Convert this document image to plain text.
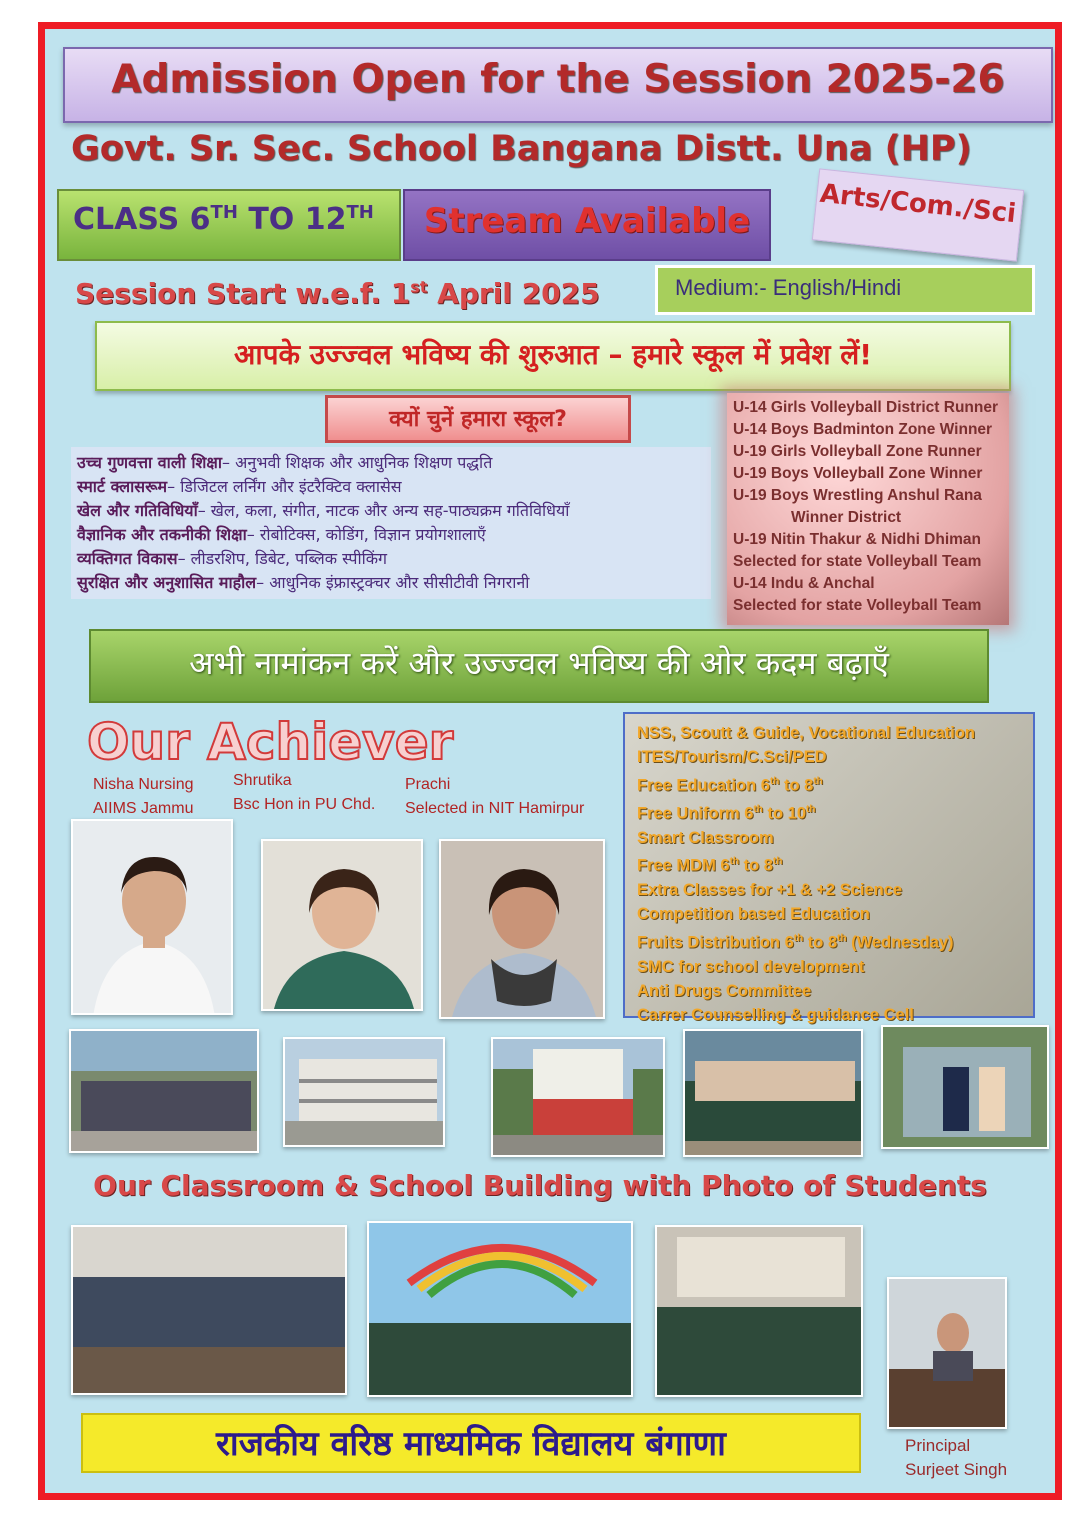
Admission Open for the Session 2025-26
Govt. Sr. Sec. School Bangana Distt. Una (HP)
CLASS 6TH TO 12TH	Stream Available	Arts/Com./Sci
Session Start w.e.f. 1st April 2025	Medium:- English/Hindi
आपके उज्ज्वल भविष्य की शुरुआत – हमारे स्कूल में प्रवेश लें!
क्यों चुनें हमारा स्कूल?
उच्च गुणवत्ता वाली शिक्षा– अनुभवी शिक्षक और आधुनिक शिक्षण पद्धति
स्मार्ट क्लासरूम– डिजिटल लर्निंग और इंटरैक्टिव क्लासेस
खेल और गतिविधियाँ– खेल, कला, संगीत, नाटक और अन्य सह-पाठ्यक्रम गतिविधियाँ
वैज्ञानिक और तकनीकी शिक्षा– रोबोटिक्स, कोडिंग, विज्ञान प्रयोगशालाएँ
व्यक्तिगत विकास– लीडरशिप, डिबेट, पब्लिक स्पीकिंग
सुरक्षित और अनुशासित माहौल– आधुनिक इंफ्रास्ट्रक्चर और सीसीटीवी निगरानी
U-14 Girls Volleyball District Runner
U-14 Boys Badminton Zone Winner
U-19 Girls Volleyball Zone Runner
U-19 Boys Volleyball Zone Winner
U-19 Boys Wrestling Anshul Rana
Winner District
U-19 Nitin Thakur & Nidhi Dhiman
Selected for state Volleyball Team
U-14 Indu & Anchal
Selected for state Volleyball Team
अभी नामांकन करें और उज्ज्वल भविष्य की ओर कदम बढ़ाएँ
Our Achiever
Nisha Nursing
AIIMS Jammu
Shrutika
Bsc Hon in PU Chd.
Prachi
Selected in NIT Hamirpur
NSS, Scoutt & Guide, Vocational Education
ITES/Tourism/C.Sci/PED
Free Education 6th to 8th
Free Uniform 6th to 10th
Smart Classroom
Free MDM 6th to 8th
Extra Classes for +1 & +2 Science
Competition based Education
Fruits Distribution 6th to 8th (Wednesday)
SMC for school development
Anti Drugs Committee
Carrer Counselling & guidance Cell
Our Classroom & School Building with Photo of Students
राजकीय वरिष्ठ माध्यमिक विद्यालय बंगाणा	Principal
Surjeet Singh
